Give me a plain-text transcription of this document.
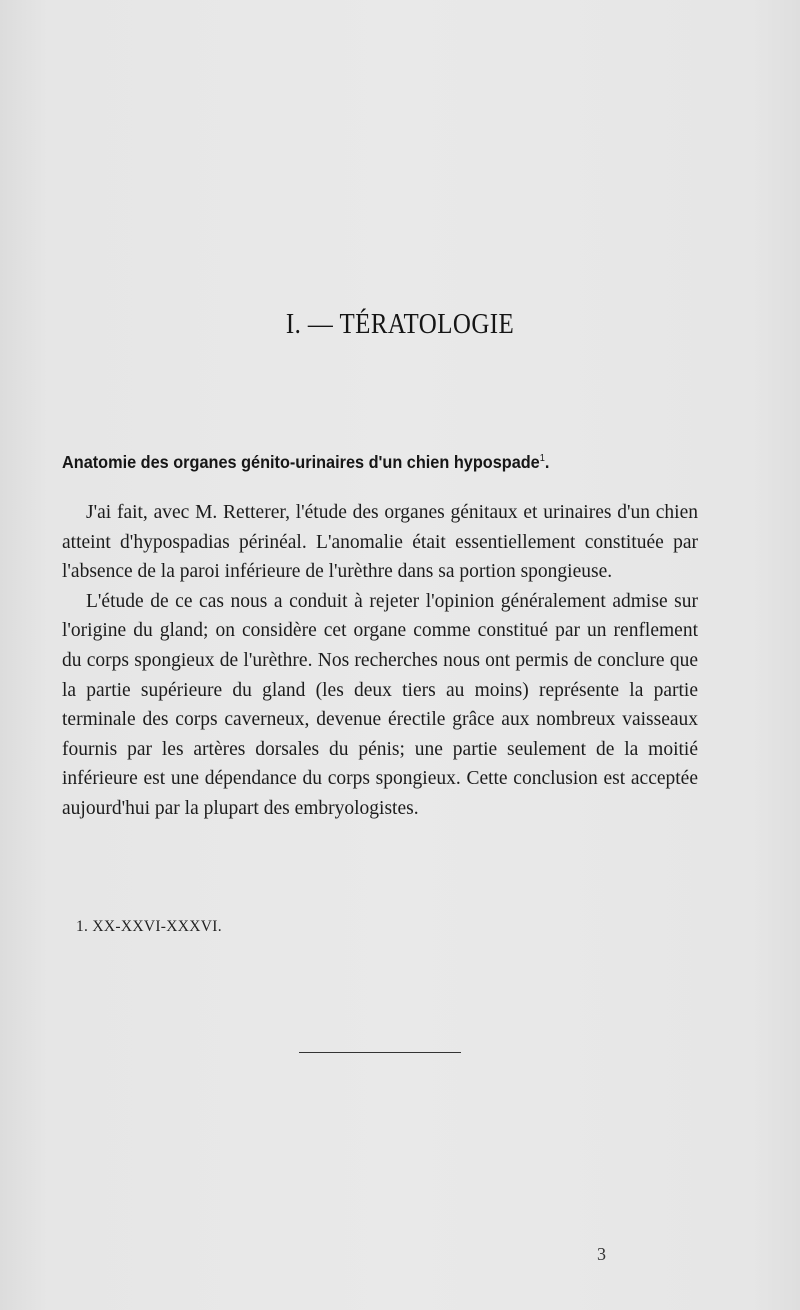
I. — TÉRATOLOGIE
Anatomie des organes génito-urinaires d'un chien hypospade$^1$.

J'ai fait, avec M. Retterer, l'étude des organes génitaux et urinaires d'un chien atteint d'hypospadias périnéal. L'anomalie était essentiellement constituée par l'absence de la paroi inférieure de l'urèthre dans sa portion spongieuse.

L'étude de ce cas nous a conduit à rejeter l'opinion généralement admise sur l'origine du gland; on considère cet organe comme constitué par un renflement du corps spongieux de l'urèthre. Nos recherches nous ont permis de conclure que la partie supérieure du gland (les deux tiers au moins) représente la partie terminale des corps caverneux, devenue érectile grâce aux nombreux vaisseaux fournis par les artères dorsales du pénis; une partie seulement de la moitié inférieure est une dépendance du corps spongieux. Cette conclusion est acceptée aujourd'hui par la plupart des embryologistes.

1. XX-XXVI-XXXVI.

3
